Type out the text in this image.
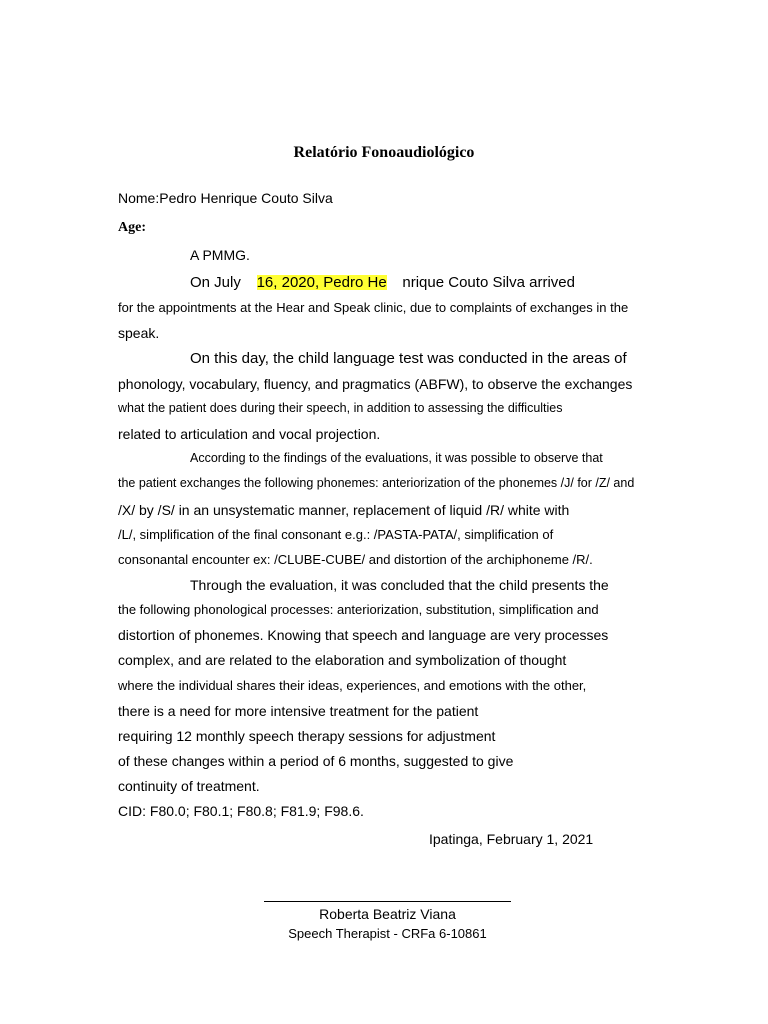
Relatório Fonoaudiológico
Nome:Pedro Henrique Couto Silva
Age:
A PMMG.
On July 16, 2020, Pedro He nrique Couto Silva arrived
for the appointments at the Hear and Speak clinic, due to complaints of exchanges in the
speak.
On this day, the child language test was conducted in the areas of
phonology, vocabulary, fluency, and pragmatics (ABFW), to observe the exchanges
what the patient does during their speech, in addition to assessing the difficulties
related to articulation and vocal projection.
According to the findings of the evaluations, it was possible to observe that
the patient exchanges the following phonemes: anteriorization of the phonemes /J/ for /Z/ and
/X/ by /S/ in an unsystematic manner, replacement of liquid /R/ white with
/L/, simplification of the final consonant e.g.: /PASTA-PATA/, simplification of
consonantal encounter ex: /CLUBE-CUBE/ and distortion of the archiphoneme /R/.
Through the evaluation, it was concluded that the child presents the
the following phonological processes: anteriorization, substitution, simplification and
distortion of phonemes. Knowing that speech and language are very processes
complex, and are related to the elaboration and symbolization of thought
where the individual shares their ideas, experiences, and emotions with the other,
there is a need for more intensive treatment for the patient
requiring 12 monthly speech therapy sessions for adjustment
of these changes within a period of 6 months, suggested to give
continuity of treatment.
CID: F80.0; F80.1; F80.8; F81.9; F98.6.
Ipatinga, February 1, 2021
Roberta Beatriz Viana
Speech Therapist - CRFa 6-10861
